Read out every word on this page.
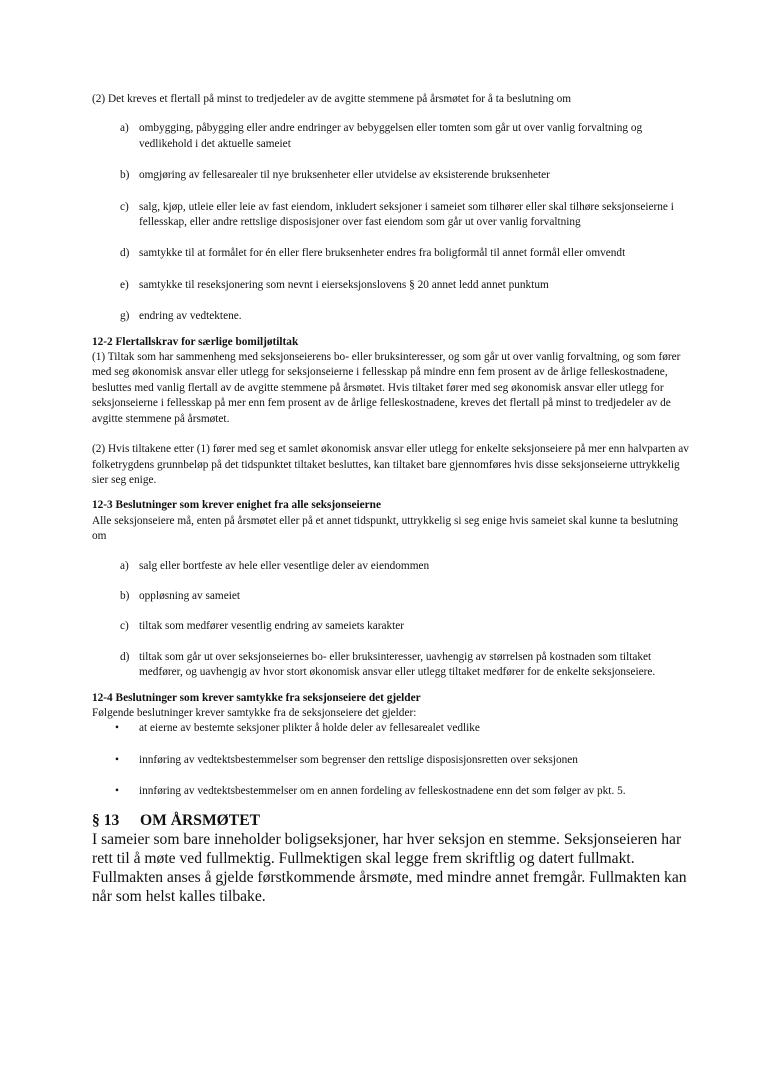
(2) Det kreves et flertall på minst to tredjedeler av de avgitte stemmene på årsmøtet for å ta beslutning om

a) ombygging, påbygging eller andre endringer av bebyggelsen eller tomten som går ut over vanlig forvaltning og vedlikehold i det aktuelle sameiet
b) omgjøring av fellesarealer til nye bruksenheter eller utvidelse av eksisterende bruksenheter
c) salg, kjøp, utleie eller leie av fast eiendom, inkludert seksjoner i sameiet som tilhører eller skal tilhøre seksjonseierne i fellesskap, eller andre rettslige disposisjoner over fast eiendom som går ut over vanlig forvaltning
d) samtykke til at formålet for én eller flere bruksenheter endres fra boligformål til annet formål eller omvendt
e) samtykke til reseksjonering som nevnt i eierseksjonslovens § 20 annet ledd annet punktum
g) endring av vedtektene.
12-2 Flertallskrav for særlige bomiljøtiltak

(1) Tiltak som har sammenheng med seksjonseierens bo- eller bruksinteresser, og som går ut over vanlig forvaltning, og som fører med seg økonomisk ansvar eller utlegg for seksjonseierne i fellesskap på mindre enn fem prosent av de årlige felleskostnadene, besluttes med vanlig flertall av de avgitte stemmene på årsmøtet. Hvis tiltaket fører med seg økonomisk ansvar eller utlegg for seksjonseierne i fellesskap på mer enn fem prosent av de årlige felleskostnadene, kreves det flertall på minst to tredjedeler av de avgitte stemmene på årsmøtet.

(2) Hvis tiltakene etter (1) fører med seg et samlet økonomisk ansvar eller utlegg for enkelte seksjonseiere på mer enn halvparten av folketrygdens grunnbeløp på det tidspunktet tiltaket besluttes, kan tiltaket bare gjennomføres hvis disse seksjonseierne uttrykkelig sier seg enige.

12-3 Beslutninger som krever enighet fra alle seksjonseierne

Alle seksjonseiere må, enten på årsmøtet eller på et annet tidspunkt, uttrykkelig si seg enige hvis sameiet skal kunne ta beslutning om

a) salg eller bortfeste av hele eller vesentlige deler av eiendommen
b) oppløsning av sameiet
c) tiltak som medfører vesentlig endring av sameiets karakter
d) tiltak som går ut over seksjonseiernes bo- eller bruksinteresser, uavhengig av størrelsen på kostnaden som tiltaket medfører, og uavhengig av hvor stort økonomisk ansvar eller utlegg tiltaket medfører for de enkelte seksjonseiere.
12-4 Beslutninger som krever samtykke fra seksjonseiere det gjelder

Følgende beslutninger krever samtykke fra de seksjonseiere det gjelder:

• at eierne av bestemte seksjoner plikter å holde deler av fellesarealet vedlike
• innføring av vedtektsbestemmelser som begrenser den rettslige disposisjonsretten over seksjonen
• innføring av vedtektsbestemmelser om en annen fordeling av felleskostnadene enn det som følger av pkt. 5.
§ 13 OM ÅRSMØTET

I sameier som bare inneholder boligseksjoner, har hver seksjon en stemme. Seksjonseieren har rett til å møte ved fullmektig. Fullmektigen skal legge frem skriftlig og datert fullmakt. Fullmakten anses å gjelde førstkommende årsmøte, med mindre annet fremgår. Fullmakten kan når som helst kalles tilbake.
